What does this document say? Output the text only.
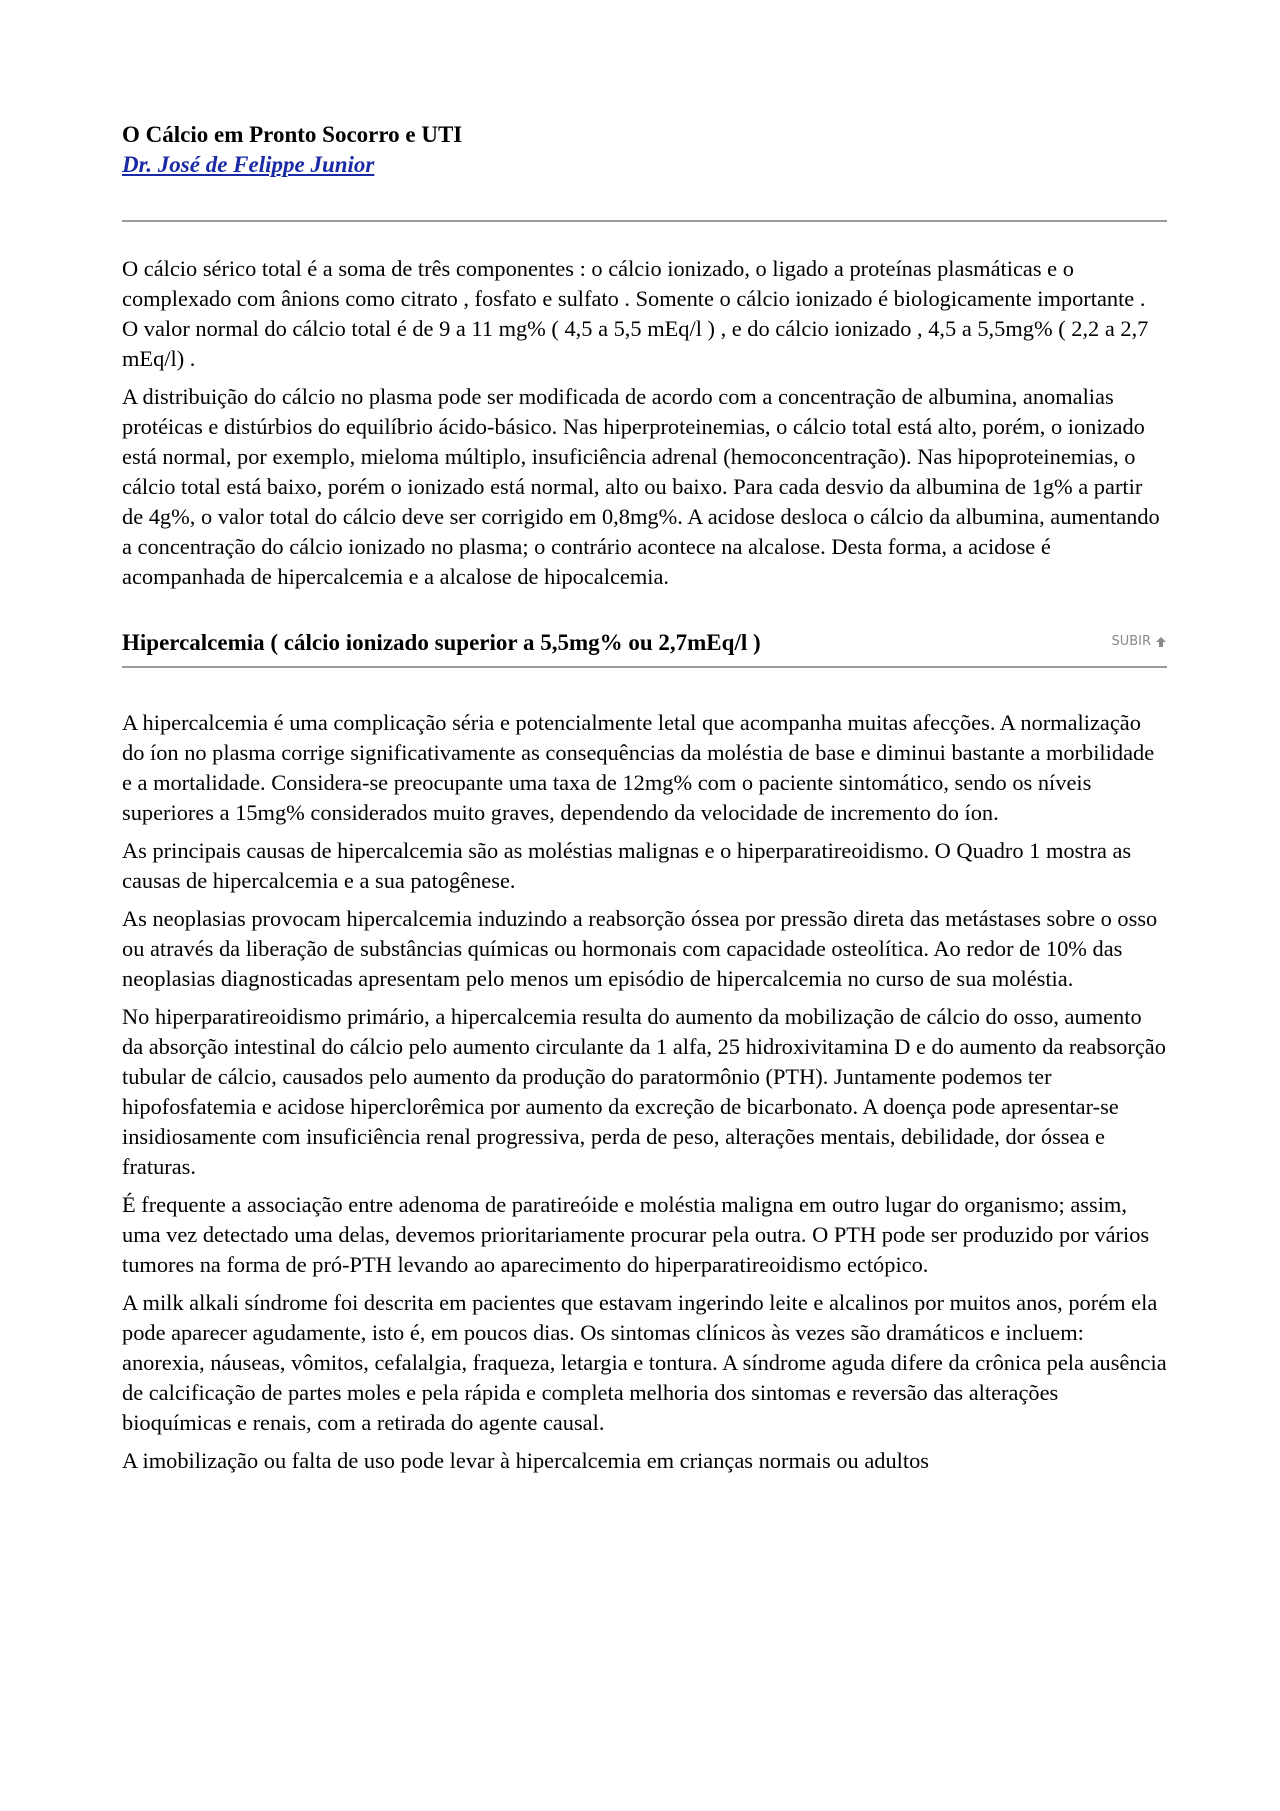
O Cálcio em Pronto Socorro e UTI
Dr. José de Felippe Junior

O cálcio sérico total é a soma de três componentes : o cálcio ionizado, o ligado a proteínas plasmáticas e o complexado com ânions como citrato , fosfato e sulfato . Somente o cálcio ionizado é biologicamente importante . O valor normal do cálcio total é de 9 a 11 mg% ( 4,5 a 5,5 mEq/l ) , e do cálcio ionizado , 4,5 a 5,5mg% ( 2,2 a 2,7 mEq/l) .

A distribuição do cálcio no plasma pode ser modificada de acordo com a concentração de albumina, anomalias protéicas e distúrbios do equilíbrio ácido-básico. Nas hiperproteinemias, o cálcio total está alto, porém, o ionizado está normal, por exemplo, mieloma múltiplo, insuficiência adrenal (hemoconcentração). Nas hipoproteinemias, o cálcio total está baixo, porém o ionizado está normal, alto ou baixo. Para cada desvio da albumina de 1g% a partir de 4g%, o valor total do cálcio deve ser corrigido em 0,8mg%. A acidose desloca o cálcio da albumina, aumentando a concentração do cálcio ionizado no plasma; o contrário acontece na alcalose. Desta forma, a acidose é acompanhada de hipercalcemia e a alcalose de hipocalcemia.

Hipercalcemia ( cálcio ionizado superior a 5,5mg% ou 2,7mEq/l )	SUBIR

A hipercalcemia é uma complicação séria e potencialmente letal que acompanha muitas afecções. A normalização do íon no plasma corrige significativamente as consequências da moléstia de base e diminui bastante a morbilidade e a mortalidade. Considera-se preocupante uma taxa de 12mg% com o paciente sintomático, sendo os níveis superiores a 15mg% considerados muito graves, dependendo da velocidade de incremento do íon.

As principais causas de hipercalcemia são as moléstias malignas e o hiperparatireoidismo. O Quadro 1 mostra as causas de hipercalcemia e a sua patogênese.

As neoplasias provocam hipercalcemia induzindo a reabsorção óssea por pressão direta das metástases sobre o osso ou através da liberação de substâncias químicas ou hormonais com capacidade osteolítica. Ao redor de 10% das neoplasias diagnosticadas apresentam pelo menos um episódio de hipercalcemia no curso de sua moléstia.

No hiperparatireoidismo primário, a hipercalcemia resulta do aumento da mobilização de cálcio do osso, aumento da absorção intestinal do cálcio pelo aumento circulante da 1 alfa, 25 hidroxivitamina D e do aumento da reabsorção tubular de cálcio, causados pelo aumento da produção do paratormônio (PTH). Juntamente podemos ter hipofosfatemia e acidose hiperclorêmica por aumento da excreção de bicarbonato. A doença pode apresentar-se insidiosamente com insuficiência renal progressiva, perda de peso, alterações mentais, debilidade, dor óssea e fraturas.

É frequente a associação entre adenoma de paratireóide e moléstia maligna em outro lugar do organismo; assim, uma vez detectado uma delas, devemos prioritariamente procurar pela outra. O PTH pode ser produzido por vários tumores na forma de pró-PTH levando ao aparecimento do hiperparatireoidismo ectópico.

A milk alkali síndrome foi descrita em pacientes que estavam ingerindo leite e alcalinos por muitos anos, porém ela pode aparecer agudamente, isto é, em poucos dias. Os sintomas clínicos às vezes são dramáticos e incluem: anorexia, náuseas, vômitos, cefalalgia, fraqueza, letargia e tontura. A síndrome aguda difere da crônica pela ausência de calcificação de partes moles e pela rápida e completa melhoria dos sintomas e reversão das alterações bioquímicas e renais, com a retirada do agente causal.

A imobilização ou falta de uso pode levar à hipercalcemia em crianças normais ou adultos
